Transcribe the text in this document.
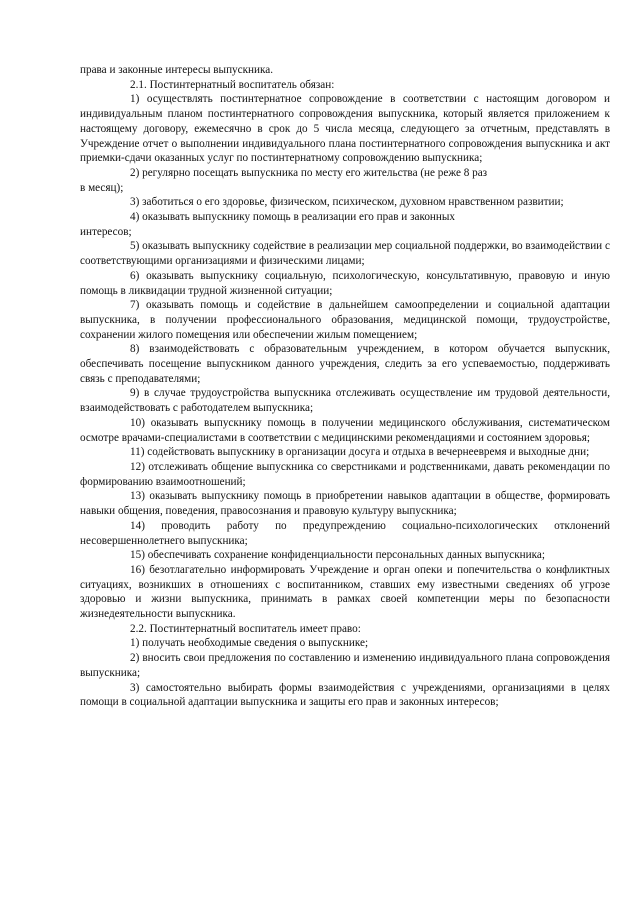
права и законные интересы выпускника.

2.1. Постинтернатный воспитатель обязан:

1) осуществлять постинтернатное сопровождение в соответствии с настоящим договором и индивидуальным планом постинтернатного сопровождения выпускника, который является приложением к настоящему договору, ежемесячно в срок до 5 числа месяца, следующего за отчетным, представлять в Учреждение отчет о выполнении индивидуального плана постинтернатного сопровождения выпускника и акт приемки-сдачи оказанных услуг по постинтернатному сопровождению выпускника;

2) регулярно посещать выпускника по месту его жительства (не реже 8 раз

в месяц);

3) заботиться о его здоровье, физическом, психическом, духовном нравственном развитии;

4) оказывать выпускнику помощь в реализации его прав и законных

интересов;

5) оказывать выпускнику содействие в реализации мер социальной поддержки, во взаимодействии с соответствующими организациями и физическими лицами;

6) оказывать выпускнику социальную, психологическую, консультативную, правовую и иную помощь в ликвидации трудной жизненной ситуации;

7) оказывать помощь и содействие в дальнейшем самоопределении и социальной адаптации выпускника, в получении профессионального образования, медицинской помощи, трудоустройстве, сохранении жилого помещения или обеспечении жилым помещением;

8) взаимодействовать с образовательным учреждением, в котором обучается выпускник, обеспечивать посещение выпускником данного учреждения, следить за его успеваемостью, поддерживать связь с преподавателями;

9) в случае трудоустройства выпускника отслеживать осуществление им трудовой деятельности, взаимодействовать с работодателем выпускника;

10) оказывать выпускнику помощь в получении медицинского обслуживания, систематическом осмотре врачами-специалистами в соответствии с медицинскими рекомендациями и состоянием здоровья;

11) содействовать выпускнику в организации досуга и отдыха в вечернеевремя и выходные дни;

12) отслеживать общение выпускника со сверстниками и родственниками, давать рекомендации по формированию взаимоотношений;

13) оказывать выпускнику помощь в приобретении навыков адаптации в обществе, формировать навыки общения, поведения, правосознания и правовую культуру выпускника;

14) проводить работу по предупреждению социально-психологических отклонений несовершеннолетнего выпускника;

15) обеспечивать сохранение конфиденциальности персональных данных выпускника;

16) безотлагательно информировать Учреждение и орган опеки и попечительства о конфликтных ситуациях, возникших в отношениях с воспитанником, ставших ему известными сведениях об угрозе здоровью и жизни выпускника, принимать в рамках своей компетенции меры по безопасности жизнедеятельности выпускника.

2.2. Постинтернатный воспитатель имеет право:

1) получать необходимые сведения о выпускнике;

2) вносить свои предложения по составлению и изменению индивидуального плана сопровождения выпускника;

3) самостоятельно выбирать формы взаимодействия с учреждениями, организациями в целях помощи в социальной адаптации выпускника и защиты его прав и законных интересов;
